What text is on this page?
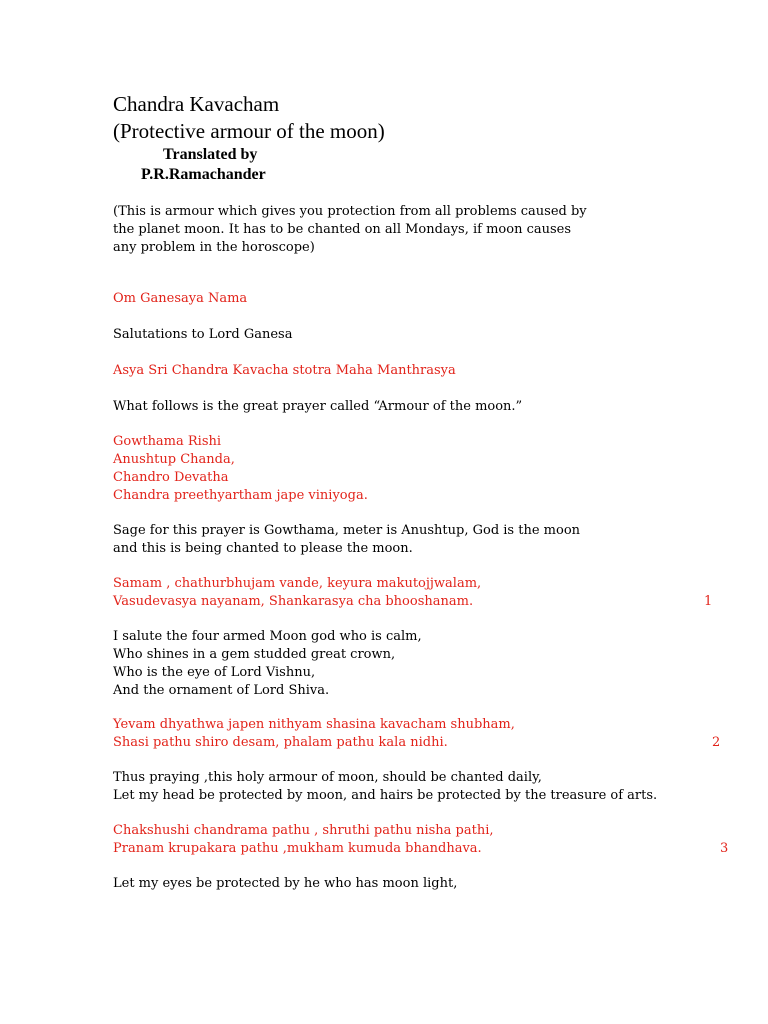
Chandra Kavacham
(Protective armour of the moon)
Translated by
P.R.Ramachander
(This is armour which gives you protection from all problems caused by
the planet moon. It has to be chanted on all Mondays, if moon causes
any problem in the horoscope)
Om Ganesaya Nama
Salutations to Lord Ganesa
Asya Sri Chandra Kavacha stotra Maha Manthrasya
What follows is the great prayer called “Armour of the moon.”
Gowthama Rishi
Anushtup Chanda,
Chandro Devatha
Chandra preethyartham jape viniyoga.
Sage for this prayer is Gowthama, meter is Anushtup, God is the moon
and this is being chanted to please the moon.
Samam , chathurbhujam vande, keyura makutojjwalam,
Vasudevasya nayanam, Shankarasya cha bhooshanam.	1
I salute the four armed Moon god who is calm,
Who shines in a gem studded great crown,
Who is the eye of Lord Vishnu,
And the ornament of Lord Shiva.
Yevam dhyathwa japen nithyam shasina kavacham shubham,
Shasi pathu shiro desam, phalam pathu kala nidhi.	2
Thus praying ,this holy armour of moon, should be chanted daily,
Let my head be protected by moon, and hairs be protected by the treasure of arts.
Chakshushi chandrama pathu , shruthi pathu nisha pathi,
Pranam krupakara pathu ,mukham kumuda bhandhava.	3
Let my eyes be protected by he who has moon light,
